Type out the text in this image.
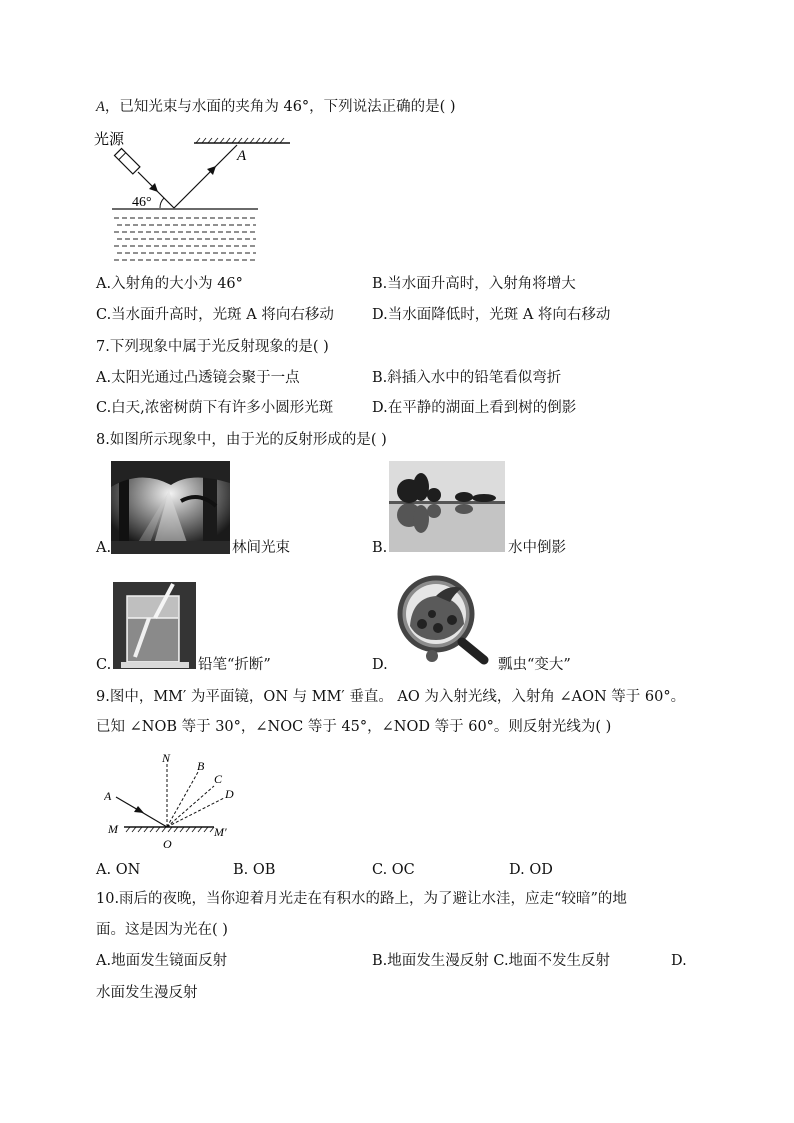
A，已知光束与水面的夹角为 46°，下列说法正确的是( )
光源
A
46°
A.入射角的大小为 46°	B.当水面升高时，入射角将增大
C.当水面升高时，光斑 A 将向右移动	D.当水面降低时，光斑 A 将向右移动
7.下列现象中属于光反射现象的是( )
A.太阳光通过凸透镜会聚于一点	B.斜插入水中的铅笔看似弯折
C.白天,浓密树荫下有许多小圆形光斑	D.在平静的湖面上看到树的倒影
8.如图所示现象中，由于光的反射形成的是( )
A.	林间光束	B.	水中倒影
C.	铅笔“折断”	D.	瓢虫“变大”
9.图中，MM′ 为平面镜，ON 与 MM′ 垂直。 AO 为入射光线，入射角 ∠AON 等于 60°。
已知 ∠NOB 等于 30°，∠NOC 等于 45°，∠NOD 等于 60°。则反射光线为( )
N
B
C
D
A
M	M′
O
A. ON	B. OB	C. OC	D. OD
10.雨后的夜晚，当你迎着月光走在有积水的路上，为了避让水洼，应走“较暗”的地
面。这是因为光在( )
A.地面发生镜面反射	B.地面发生漫反射 C.地面不发生反射	D.
水面发生漫反射
